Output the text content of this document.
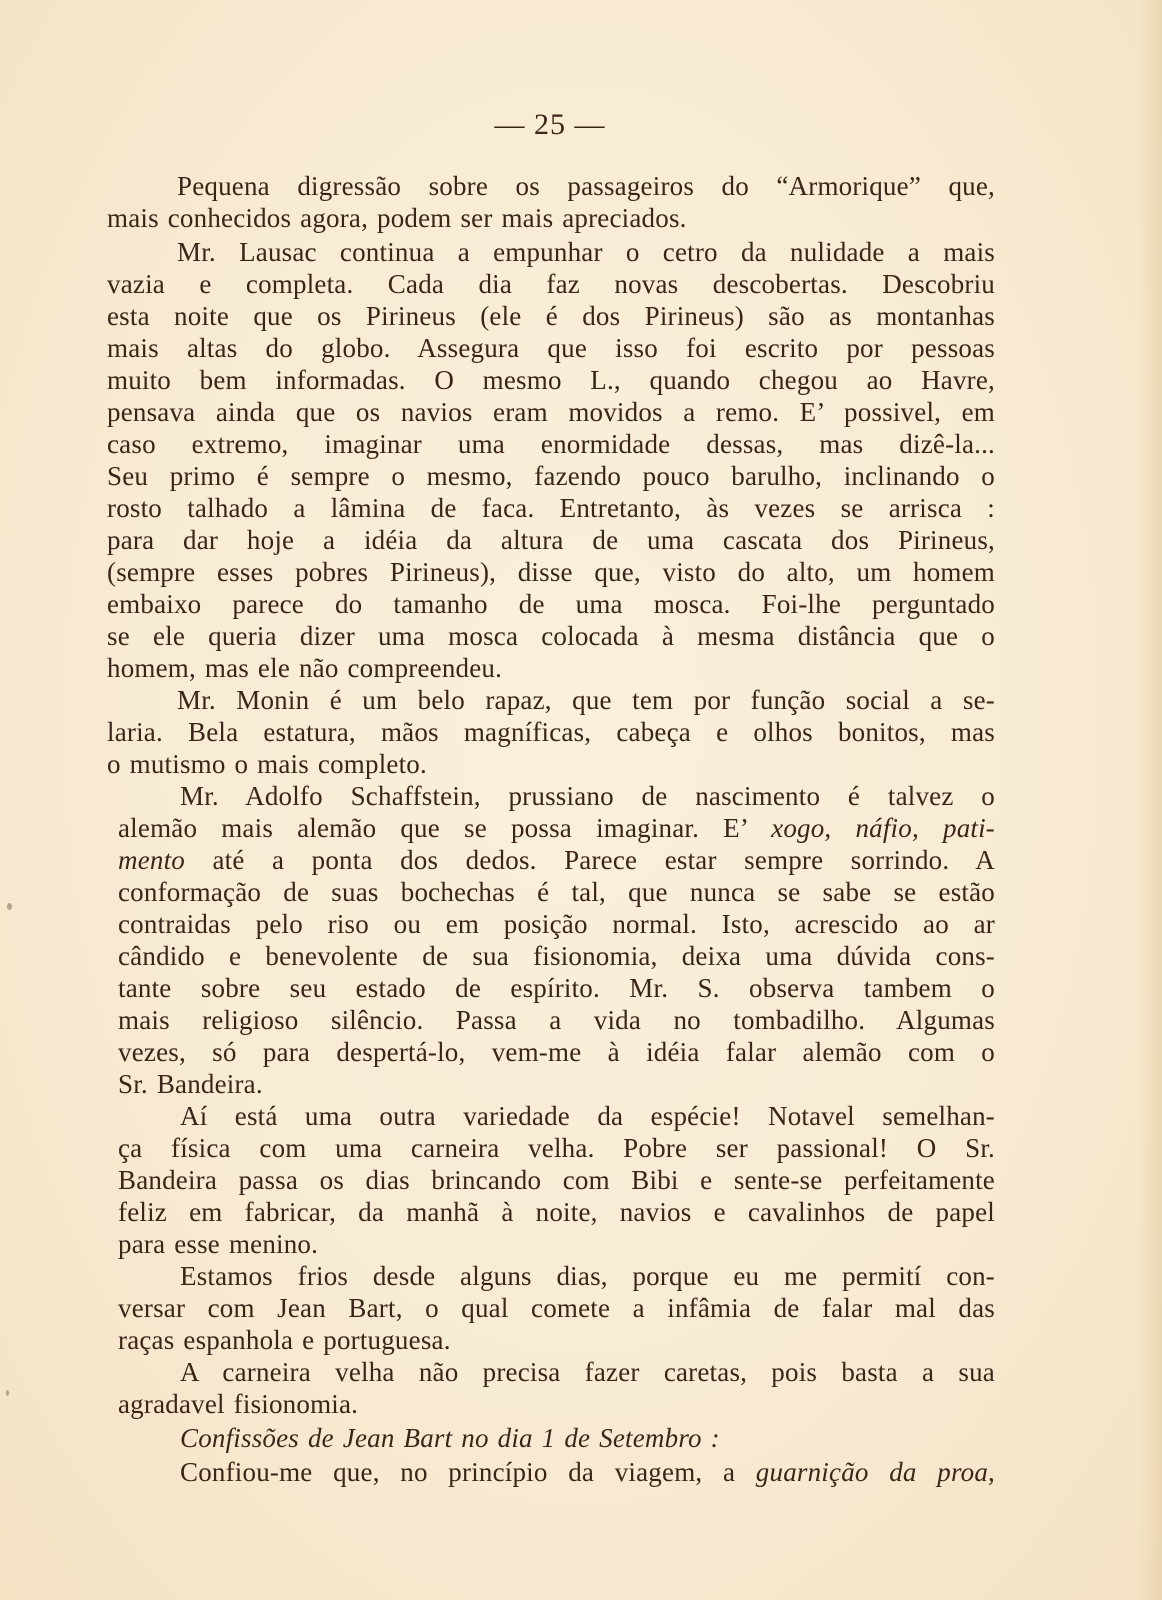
— 25 —
Pequena digressão sobre os passageiros do “Armorique” que,
mais conhecidos agora, podem ser mais apreciados.
Mr. Lausac continua a empunhar o cetro da nulidade a mais
vazia e completa. Cada dia faz novas descobertas. Descobriu
esta noite que os Pirineus (ele é dos Pirineus) são as montanhas
mais altas do globo. Assegura que isso foi escrito por pessoas
muito bem informadas. O mesmo L., quando chegou ao Havre,
pensava ainda que os navios eram movidos a remo. E’ possivel, em
caso extremo, imaginar uma enormidade dessas, mas dizê-la...
Seu primo é sempre o mesmo, fazendo pouco barulho, inclinando o
rosto talhado a lâmina de faca. Entretanto, às vezes se arrisca :
para dar hoje a idéia da altura de uma cascata dos Pirineus,
(sempre esses pobres Pirineus), disse que, visto do alto, um homem
embaixo parece do tamanho de uma mosca. Foi-lhe perguntado
se ele queria dizer uma mosca colocada à mesma distância que o
homem, mas ele não compreendeu.
Mr. Monin é um belo rapaz, que tem por função social a se-
laria. Bela estatura, mãos magníficas, cabeça e olhos bonitos, mas
o mutismo o mais completo.
Mr. Adolfo Schaffstein, prussiano de nascimento é talvez o
alemão mais alemão que se possa imaginar. E’ xogo, náfio, pati-
mento até a ponta dos dedos. Parece estar sempre sorrindo. A
conformação de suas bochechas é tal, que nunca se sabe se estão
contraidas pelo riso ou em posição normal. Isto, acrescido ao ar
cândido e benevolente de sua fisionomia, deixa uma dúvida cons-
tante sobre seu estado de espírito. Mr. S. observa tambem o
mais religioso silêncio. Passa a vida no tombadilho. Algumas
vezes, só para despertá-lo, vem-me à idéia falar alemão com o
Sr. Bandeira.
Aí está uma outra variedade da espécie! Notavel semelhan-
ça física com uma carneira velha. Pobre ser passional! O Sr.
Bandeira passa os dias brincando com Bibi e sente-se perfeitamente
feliz em fabricar, da manhã à noite, navios e cavalinhos de papel
para esse menino.
Estamos frios desde alguns dias, porque eu me permití con-
versar com Jean Bart, o qual comete a infâmia de falar mal das
raças espanhola e portuguesa.
A carneira velha não precisa fazer caretas, pois basta a sua
agradavel fisionomia.
Confissões de Jean Bart no dia 1 de Setembro :
Confiou-me que, no princípio da viagem, a guarnição da proa,
